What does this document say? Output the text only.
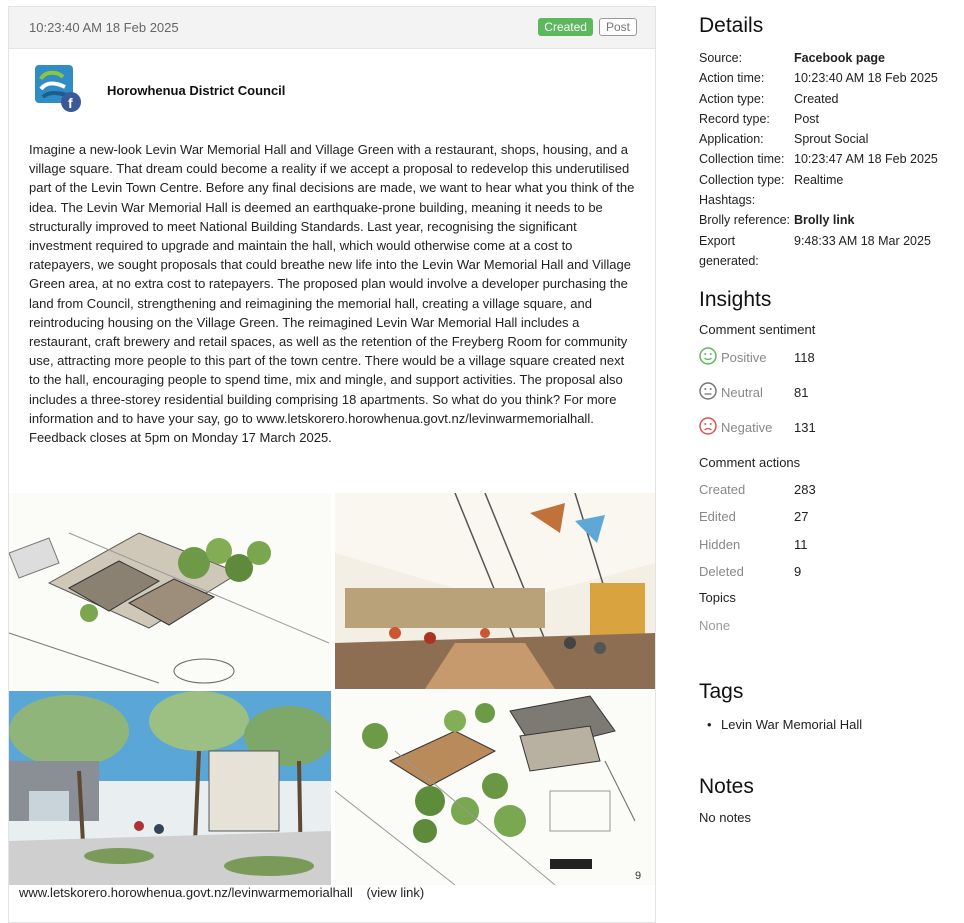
10:23:40 AM 18 Feb 2025	Created	Post
f
Horowhenua District Council
Imagine a new-look Levin War Memorial Hall and Village Green with a restaurant, shops, housing, and a village square. That dream could become a reality if we accept a proposal to redevelop this underutilised part of the Levin Town Centre. Before any final decisions are made, we want to hear what you think of the idea. The Levin War Memorial Hall is deemed an earthquake-prone building, meaning it needs to be structurally improved to meet National Building Standards. Last year, recognising the significant investment required to upgrade and maintain the hall, which would otherwise come at a cost to ratepayers, we sought proposals that could breathe new life into the Levin War Memorial Hall and Village Green area, at no extra cost to ratepayers. The proposed plan would involve a developer purchasing the land from Council, strengthening and reimagining the memorial hall, creating a village square, and reintroducing housing on the Village Green. The reimagined Levin War Memorial Hall includes a restaurant, craft brewery and retail spaces, as well as the retention of the Freyberg Room for community use, attracting more people to this part of the town centre. There would be a village square created next to the hall, encouraging people to spend time, mix and mingle, and support activities. The proposal also includes a three-storey residential building comprising 18 apartments. So what do you think? For more information and to have your say, go to www.letskorero.horowhenua.govt.nz/levinwarmemorialhall. Feedback closes at 5pm on Monday 17 March 2025.
9
www.letskorero.horowhenua.govt.nz/levinwarmemorialhall (view link)
Details
Source:	Facebook page
Action time: 10:23:40 AM 18 Feb 2025
Action type: Created
Record type: Post
Application: Sprout Social
Collection time: 10:23:47 AM 18 Feb 2025
Collection type: Realtime
Hashtags:
Brolly reference: Brolly link
Export	9:48:33 AM 18 Mar 2025
generated:
Insights
Comment sentiment
Positive 118
Neutral 81
Negative 131
Comment actions
Created	283
Edited	27
Hidden	11
Deleted	9
Topics
None
Tags
• Levin War Memorial Hall
Notes
No notes
